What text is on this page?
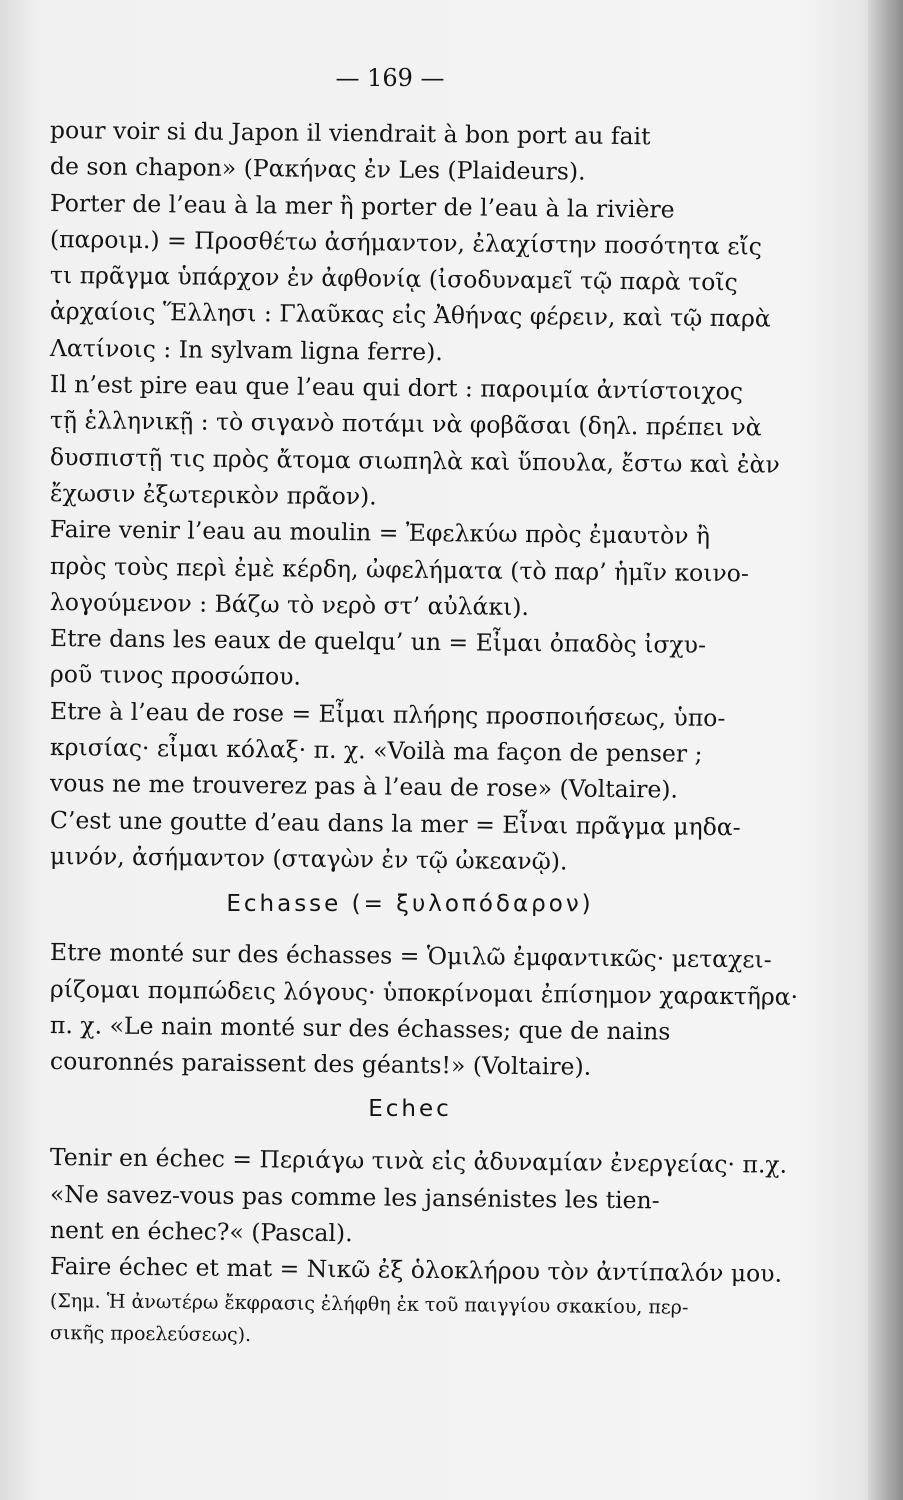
— 169 —
pour voir si du Japon il viendrait à bon port au fait
de son chapon» (Ρακήνας ἐν Les (Plaideurs).
Porter de l’eau à la mer ἢ porter de l’eau à la rivière
(παροιμ.) = Προσθέτω ἀσήμαντον, ἐλαχίστην ποσότητα εἴς
τι πρᾶγμα ὑπάρχον ἐν ἀφθονίᾳ (ἰσοδυναμεῖ τῷ παρὰ τοῖς
ἀρχαίοις Ἕλλησι : Γλαῦκας εἰς Ἀθήνας φέρειν, καὶ τῷ παρὰ
Λατίνοις : In sylvam ligna ferre).
Il n’est pire eau que l’eau qui dort : παροιμία ἀντίστοιχος
τῇ ἑλληνικῇ : τὸ σιγανὸ ποτάμι νὰ φοβᾶσαι (δηλ. πρέπει νὰ
δυσπιστῇ τις πρὸς ἄτομα σιωπηλὰ καὶ ὕπουλα, ἔστω καὶ ἐὰν
ἔχωσιν ἐξωτερικὸν πρᾶον).
Faire venir l’eau au moulin = Ἐφελκύω πρὸς ἐμαυτὸν ἢ
πρὸς τοὺς περὶ ἐμὲ κέρδη, ὠφελήματα (τὸ παρ’ ἡμῖν κοινο-
λογούμενον : Βάζω τὸ νερὸ στ’ αὐλάκι).
Etre dans les eaux de quelqu’ un = Εἶμαι ὀπαδὸς ἰσχυ-
ροῦ τινος προσώπου.
Etre à l’eau de rose = Εἶμαι πλήρης προσποιήσεως, ὑπο-
κρισίας· εἶμαι κόλαξ· π. χ. «Voilà ma façon de penser ;
vous ne me trouverez pas à l’eau de rose» (Voltaire).
C’est une goutte d’eau dans la mer = Εἶναι πρᾶγμα μηδα-
μινόν, ἀσήμαντον (σταγὼν ἐν τῷ ὠκεανῷ).
Echasse (= ξυλοπόδαρον)
Etre monté sur des échasses = Ὁμιλῶ ἐμφαντικῶς· μεταχει-
ρίζομαι πομπώδεις λόγους· ὑποκρίνομαι ἐπίσημον χαρακτῆρα·
π. χ. «Le nain monté sur des échasses; que de nains
couronnés paraissent des géants!» (Voltaire).
Echec
Tenir en échec = Περιάγω τινὰ εἰς ἀδυναμίαν ἐνεργείας· π.χ.
«Ne savez-vous pas comme les jansénistes les tien-
nent en échec?« (Pascal).
Faire échec et mat = Νικῶ ἐξ ὁλοκλήρου τὸν ἀντίπαλόν μου.
(Σημ. Ἡ ἀνωτέρω ἔκφρασις ἐλήφθη ἐκ τοῦ παιγγίου σκακίου, περ-
σικῆς προελεύσεως).
